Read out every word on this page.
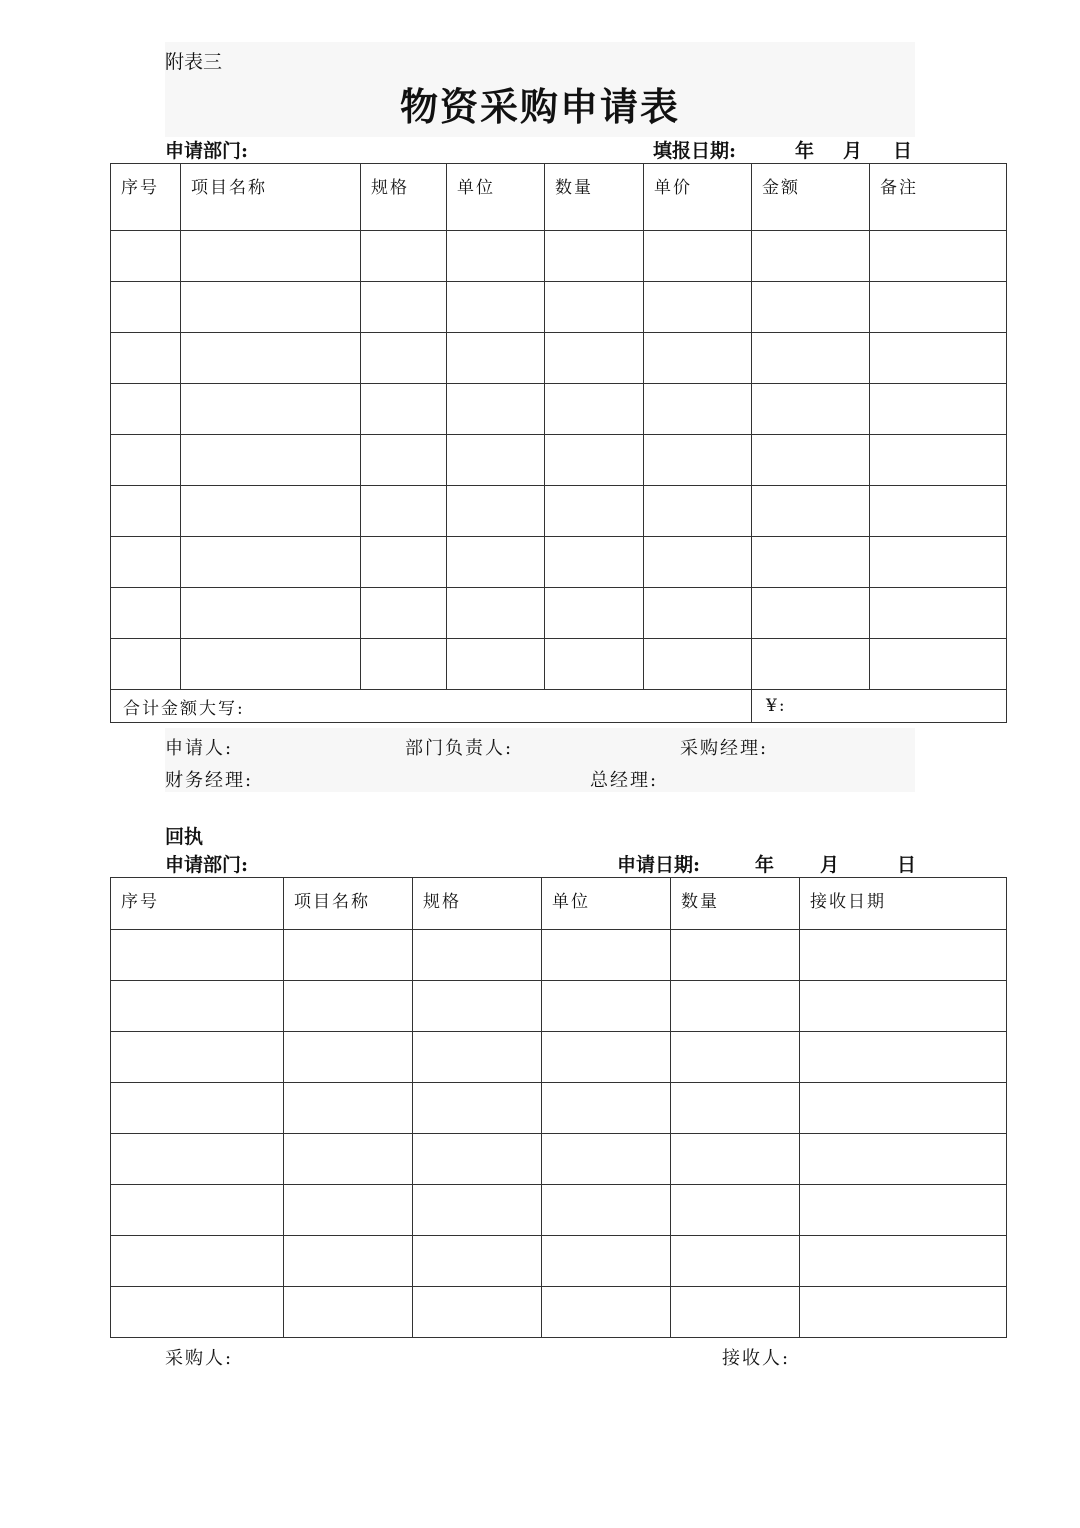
附表三
物资采购申请表
申请部门:	填报日期:	年 月 日
序号	项目名称	规格	单位	数量	单价	金额	备注

合计金额大写:						¥:	
申请人:	部门负责人:	采购经理:
财务经理:	总经理:
回执
申请部门:	申请日期:	年 月	日
序号	项目名称	规格	单位	数量	接收日期

采购人:	接收人:
